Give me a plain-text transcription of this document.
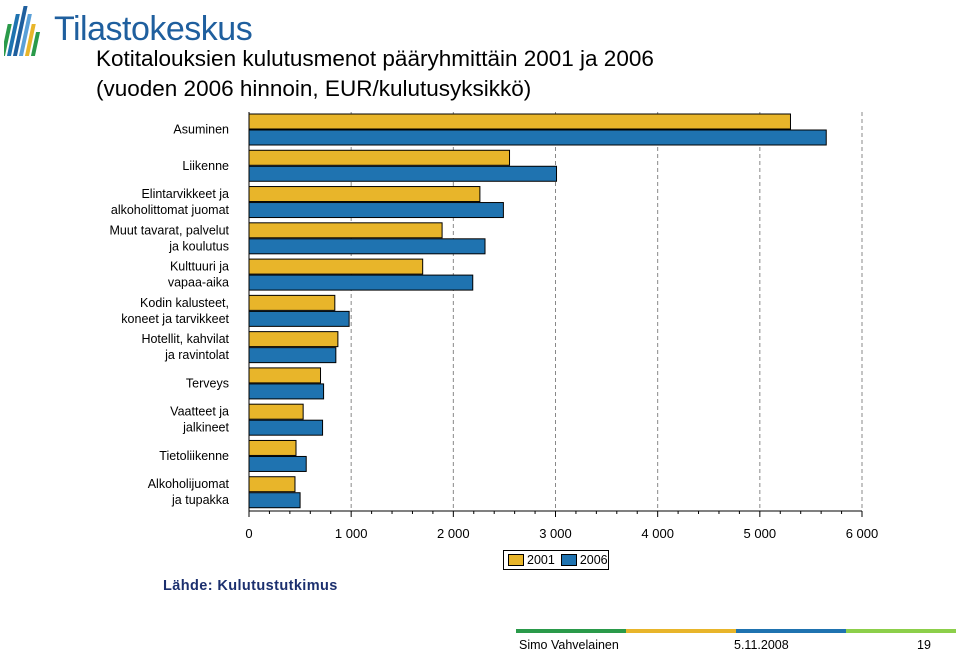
Tilastokeskus
Kotitalouksien kulutusmenot pääryhmittäin 2001 ja 2006
(vuoden 2006 hinnoin, EUR/kulutusyksikkö)
Asuminen
Liikenne
Elintarvikkeet ja
alkoholittomat juomat
Muut tavarat, palvelut
ja koulutus
Kulttuuri ja
vapaa-aika
Kodin kalusteet,
koneet ja tarvikkeet
Hotellit, kahvilat
ja ravintolat
Terveys
Vaatteet ja
jalkineet
Tietoliikenne
Alkoholijuomat
ja tupakka
0	1 000	2 000	3 000	4 000	5 000	6 000
2001 2006
Lähde: Kulutustutkimus
Simo Vahvelainen	5.11.2008	19
